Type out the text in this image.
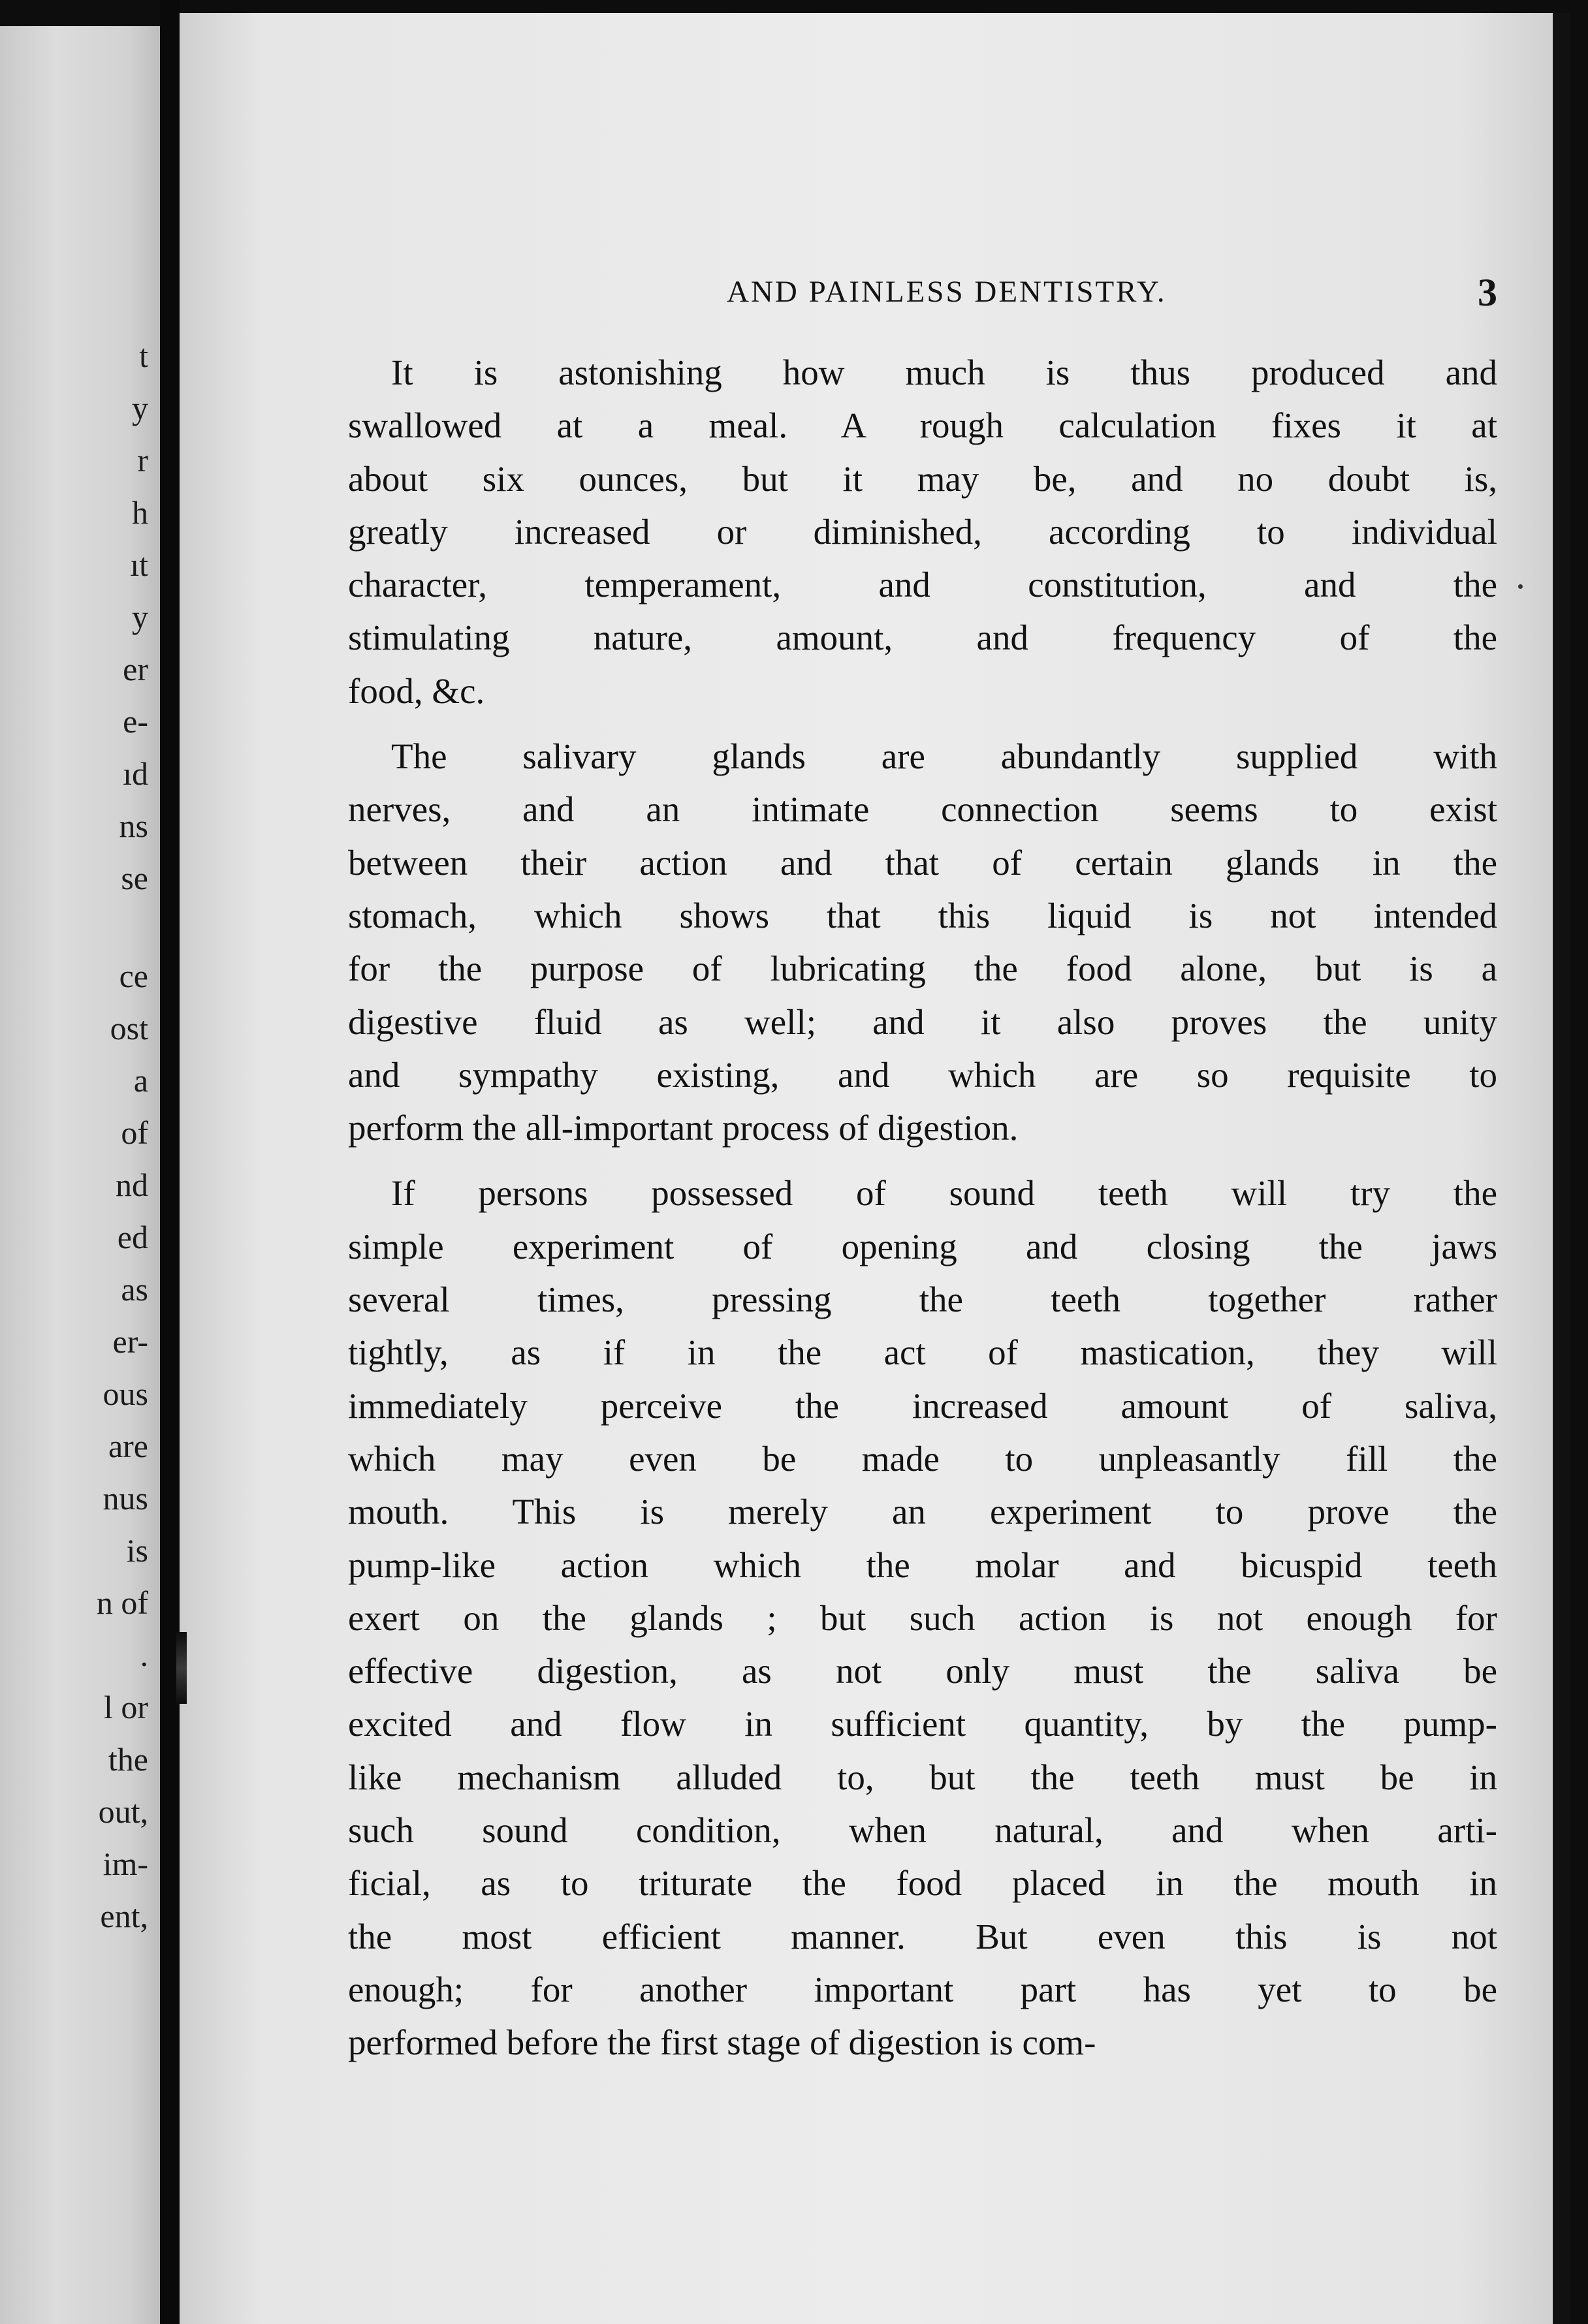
t
y
r
h
ıt
y
er
e-
ıd
ns
se
ce
ost
a
of
nd
ed
as
er-
ous
are
nus
is
n of
.
l or
the
out,
im-
ent,
AND PAINLESS DENTISTRY.	3
It is astonishing how much is thus produced and
swallowed at a meal. A rough calculation fixes it at
about six ounces, but it may be, and no doubt is,
greatly increased or diminished, according to individual
character, temperament, and constitution, and the
stimulating nature, amount, and frequency of the
food, &c.
The salivary glands are abundantly supplied with
nerves, and an intimate connection seems to exist
between their action and that of certain glands in the
stomach, which shows that this liquid is not intended
for the purpose of lubricating the food alone, but is a
digestive fluid as well; and it also proves the unity
and sympathy existing, and which are so requisite to
perform the all-important process of digestion.
If persons possessed of sound teeth will try the
simple experiment of opening and closing the jaws
several times, pressing the teeth together rather
tightly, as if in the act of mastication, they will
immediately perceive the increased amount of saliva,
which may even be made to unpleasantly fill the
mouth. This is merely an experiment to prove the
pump-like action which the molar and bicuspid teeth
exert on the glands ; but such action is not enough for
effective digestion, as not only must the saliva be
excited and flow in sufficient quantity, by the pump-
like mechanism alluded to, but the teeth must be in
such sound condition, when natural, and when arti-
ficial, as to triturate the food placed in the mouth in
the most efficient manner. But even this is not
enough; for another important part has yet to be
performed before the first stage of digestion is com-
